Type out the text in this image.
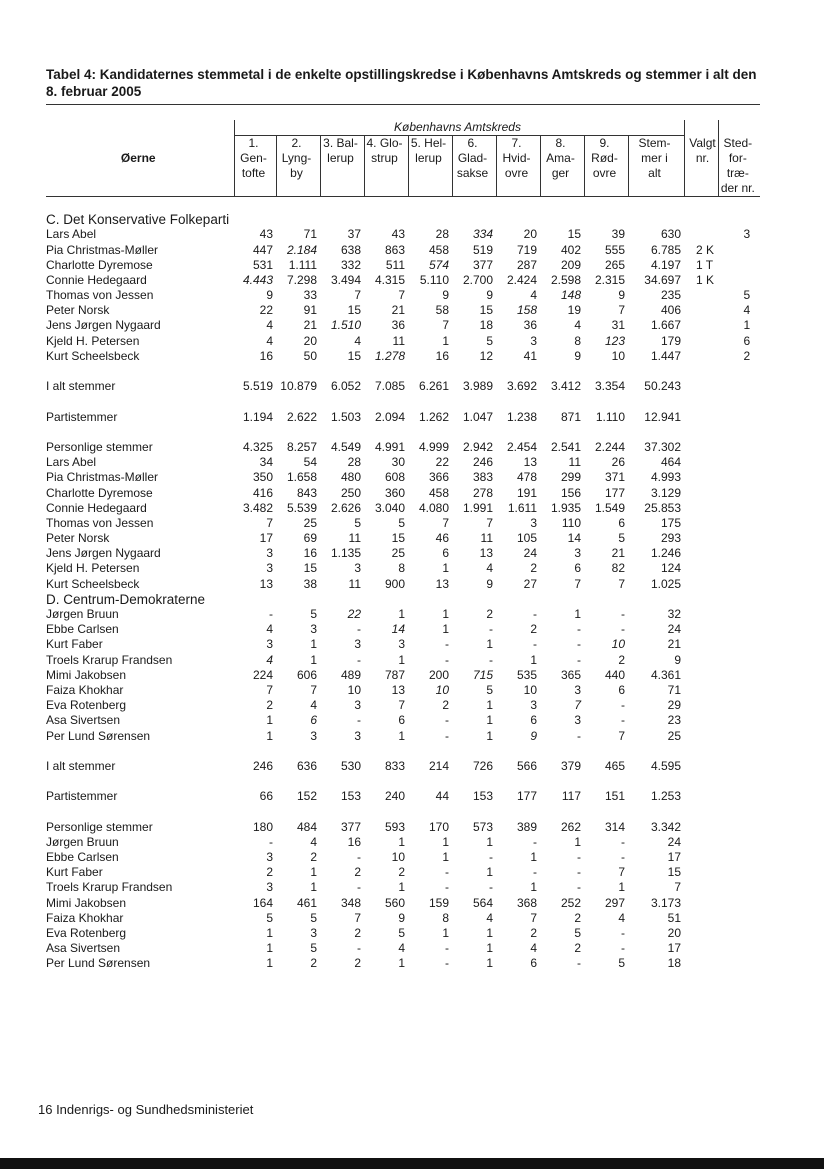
Tabel 4: Kandidaternes stemmetal i de enkelte opstillingskredse i Københavns Amtskreds og stemmer i alt den 8. februar 2005

Øerne	Københavns Amtskreds											
	1. Gen- tofte	2. Lyng- by	3. Bal- lerup	4. Glo- strup	5. Hel- lerup	6. Glad- sakse	7. Hvid- ovre	8. Ama- ger	9. Rød- ovre	Stem- mer i alt	Valgt nr.	Sted- for- træ- der nr.

C. Det Konservative Folkeparti												
Lars Abel	43	71	37	43	28	334	20	15	39	630		3
Pia Christmas-Møller	447	2.184	638	863	458	519	719	402	555	6.785	2 K	
Charlotte Dyremose	531	1.111	332	511	574	377	287	209	265	4.197	1 T	
Connie Hedegaard	4.443	7.298	3.494	4.315	5.110	2.700	2.424	2.598	2.315	34.697	1 K	
Thomas von Jessen	9	33	7	7	9	9	4	148	9	235		5
Peter Norsk	22	91	15	21	58	15	158	19	7	406		4
Jens Jørgen Nygaard	4	21	1.510	36	7	18	36	4	31	1.667		1
Kjeld H. Petersen	4	20	4	11	1	5	3	8	123	179		6
Kurt Scheelsbeck	16	50	15	1.278	16	12	41	9	10	1.447		2

I alt stemmer	5.519	10.879	6.052	7.085	6.261	3.989	3.692	3.412	3.354	50.243		

Partistemmer	1.194	2.622	1.503	2.094	1.262	1.047	1.238	871	1.110	12.941		

Personlige stemmer	4.325	8.257	4.549	4.991	4.999	2.942	2.454	2.541	2.244	37.302		
Lars Abel	34	54	28	30	22	246	13	11	26	464		
Pia Christmas-Møller	350	1.658	480	608	366	383	478	299	371	4.993		
Charlotte Dyremose	416	843	250	360	458	278	191	156	177	3.129		
Connie Hedegaard	3.482	5.539	2.626	3.040	4.080	1.991	1.611	1.935	1.549	25.853		
Thomas von Jessen	7	25	5	5	7	7	3	110	6	175		
Peter Norsk	17	69	11	15	46	11	105	14	5	293		
Jens Jørgen Nygaard	3	16	1.135	25	6	13	24	3	21	1.246		
Kjeld H. Petersen	3	15	3	8	1	4	2	6	82	124		
Kurt Scheelsbeck	13	38	11	900	13	9	27	7	7	1.025		
D. Centrum-Demokraterne												
Jørgen Bruun	-	5	22	1	1	2	-	1	-	32		
Ebbe Carlsen	4	3	-	14	1	-	2	-	-	24		
Kurt Faber	3	1	3	3	-	1	-	-	10	21		
Troels Krarup Frandsen	4	1	-	1	-	-	1	-	2	9		
Mimi Jakobsen	224	606	489	787	200	715	535	365	440	4.361		
Faiza Khokhar	7	7	10	13	10	5	10	3	6	71		
Eva Rotenberg	2	4	3	7	2	1	3	7	-	29		
Asa Sivertsen	1	6	-	6	-	1	6	3	-	23		
Per Lund Sørensen	1	3	3	1	-	1	9	-	7	25		

I alt stemmer	246	636	530	833	214	726	566	379	465	4.595		

Partistemmer	66	152	153	240	44	153	177	117	151	1.253		

Personlige stemmer	180	484	377	593	170	573	389	262	314	3.342		
Jørgen Bruun	-	4	16	1	1	1	-	1	-	24		
Ebbe Carlsen	3	2	-	10	1	-	1	-	-	17		
Kurt Faber	2	1	2	2	-	1	-	-	7	15		
Troels Krarup Frandsen	3	1	-	1	-	-	1	-	1	7		
Mimi Jakobsen	164	461	348	560	159	564	368	252	297	3.173		
Faiza Khokhar	5	5	7	9	8	4	7	2	4	51		
Eva Rotenberg	1	3	2	5	1	1	2	5	-	20		
Asa Sivertsen	1	5	-	4	-	1	4	2	-	17		
Per Lund Sørensen	1	2	2	1	-	1	6	-	5	18		
16 Indenrigs- og Sundhedsministeriet
